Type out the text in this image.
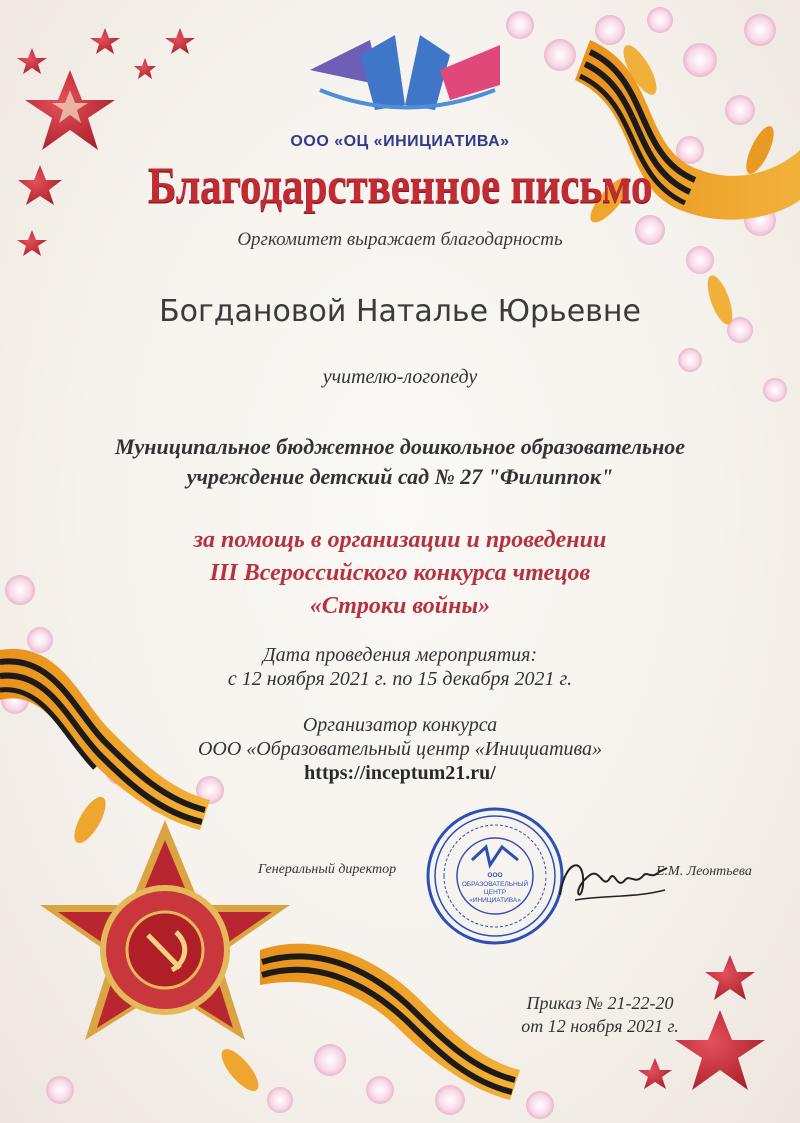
ООО «ОЦ «ИНИЦИАТИВА»

Благодарственное письмо

Оргкомитет выражает благодарность

Богдановой Наталье Юрьевне

учителю-логопеду

Муниципальное бюджетное дошкольное образовательное
учреждение детский сад № 27 "Филиппок"
за помощь в организации и проведении
III Всероссийского конкурса чтецов
«Строки войны»

Дата проведения мероприятия:

с 12 ноября 2021 г. по 15 декабря 2021 г.

Организатор конкурса

ООО «Образовательный центр «Инициатива»

https://inceptum21.ru/

ООО
ОБРАЗОВАТЕЛЬНЫЙ
ЦЕНТР
«ИНИЦИАТИВА»

Генеральный директор	Е.М. Леонтьева

Приказ № 21-22-20
от 12 ноября 2021 г.
